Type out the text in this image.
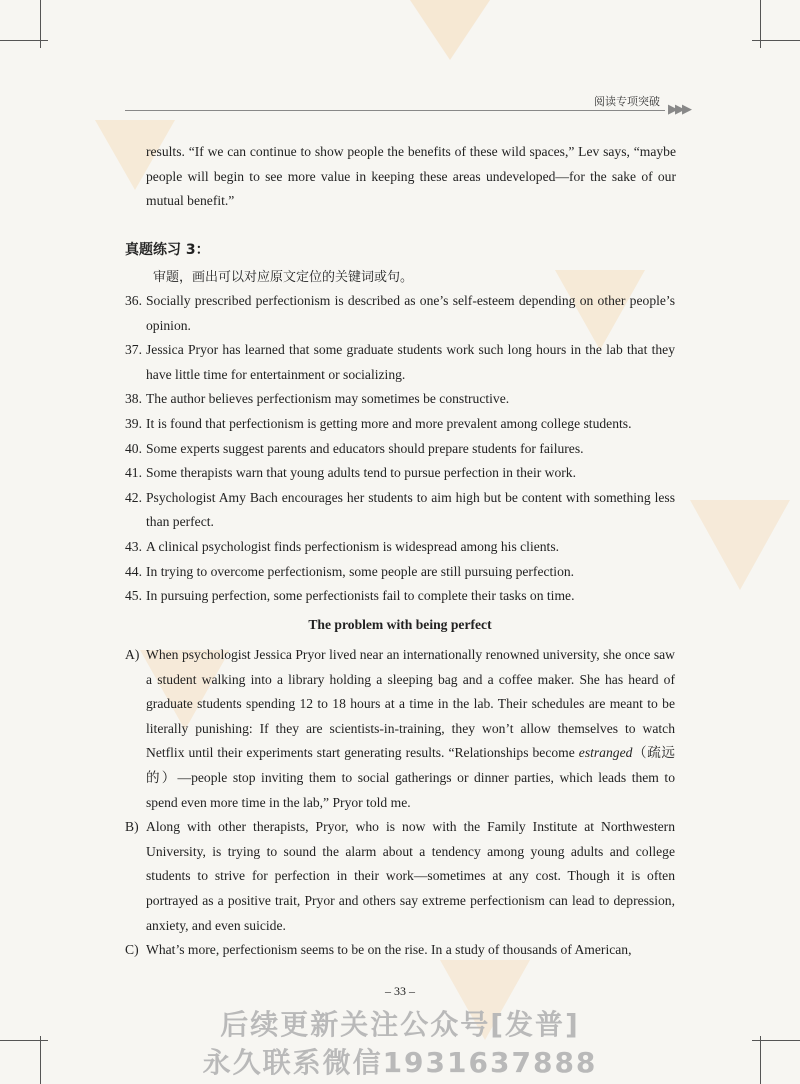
阅读专项突破
▶▶▶
results. “If we can continue to show people the benefits of these wild spaces,” Lev says, “maybe people will begin to see more value in keeping these areas undeveloped—for the sake of our mutual benefit.”
真题练习 3：
审题，画出可以对应原文定位的关键词或句。
36. Socially prescribed perfectionism is described as one’s self-esteem depending on other people’s opinion.
37. Jessica Pryor has learned that some graduate students work such long hours in the lab that they have little time for entertainment or socializing.
38. The author believes perfectionism may sometimes be constructive.
39. It is found that perfectionism is getting more and more prevalent among college students.
40. Some experts suggest parents and educators should prepare students for failures.
41. Some therapists warn that young adults tend to pursue perfection in their work.
42. Psychologist Amy Bach encourages her students to aim high but be content with something less than perfect.
43. A clinical psychologist finds perfectionism is widespread among his clients.
44. In trying to overcome perfectionism, some people are still pursuing perfection.
45. In pursuing perfection, some perfectionists fail to complete their tasks on time.
The problem with being perfect
A) When psychologist Jessica Pryor lived near an internationally renowned university, she once saw a student walking into a library holding a sleeping bag and a coffee maker. She has heard of graduate students spending 12 to 18 hours at a time in the lab. Their schedules are meant to be literally punishing: If they are scientists-in-training, they won’t allow themselves to watch Netflix until their experiments start generating results. “Relationships become estranged（疏远的）—people stop inviting them to social gatherings or dinner parties, which leads them to spend even more time in the lab,” Pryor told me.
B) Along with other therapists, Pryor, who is now with the Family Institute at Northwestern University, is trying to sound the alarm about a tendency among young adults and college students to strive for perfection in their work—sometimes at any cost. Though it is often portrayed as a positive trait, Pryor and others say extreme perfectionism can lead to depression, anxiety, and even suicide.
C) What’s more, perfectionism seems to be on the rise. In a study of thousands of American,
– 33 –
后续更新关注公众号[发普]
永久联系微信1931637888
